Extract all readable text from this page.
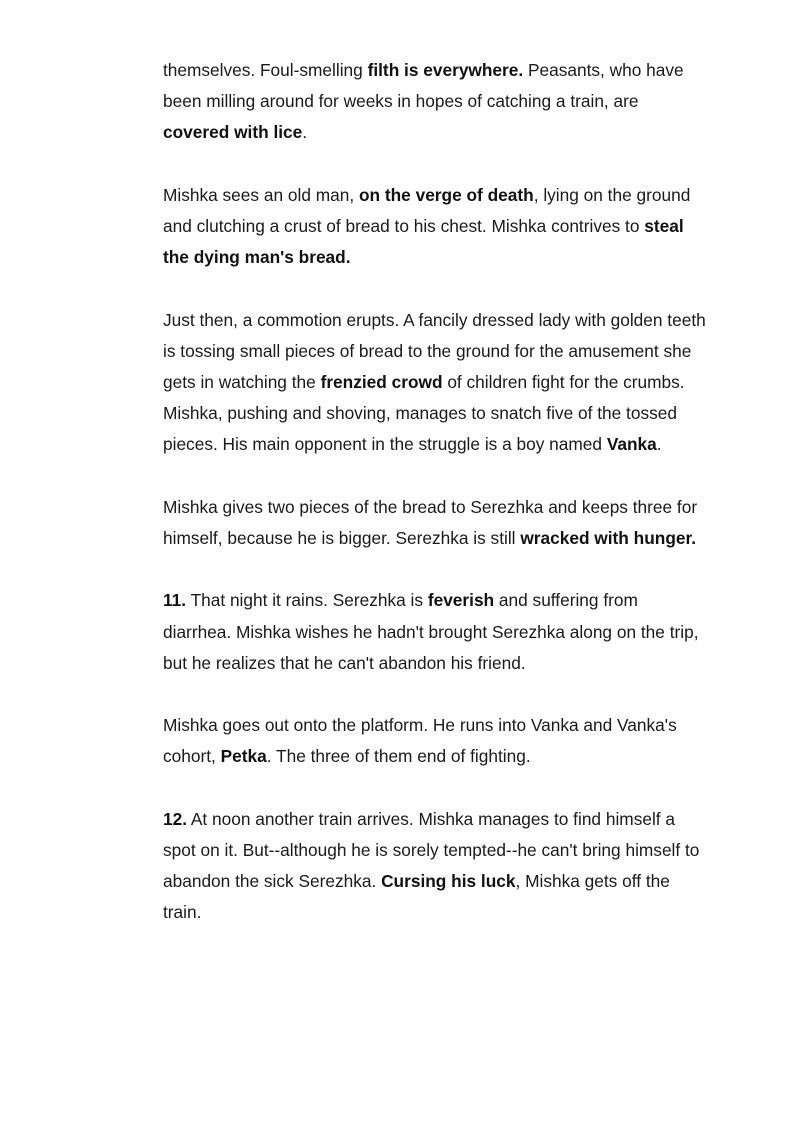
themselves. Foul-smelling filth is everywhere. Peasants, who have been milling around for weeks in hopes of catching a train, are covered with lice.

Mishka sees an old man, on the verge of death, lying on the ground and clutching a crust of bread to his chest. Mishka contrives to steal the dying man's bread.

Just then, a commotion erupts. A fancily dressed lady with golden teeth is tossing small pieces of bread to the ground for the amusement she gets in watching the frenzied crowd of children fight for the crumbs. Mishka, pushing and shoving, manages to snatch five of the tossed pieces. His main opponent in the struggle is a boy named Vanka.

Mishka gives two pieces of the bread to Serezhka and keeps three for himself, because he is bigger. Serezhka is still wracked with hunger.

11. That night it rains. Serezhka is feverish and suffering from diarrhea. Mishka wishes he hadn't brought Serezhka along on the trip, but he realizes that he can't abandon his friend.

Mishka goes out onto the platform. He runs into Vanka and Vanka's cohort, Petka. The three of them end of fighting.

12. At noon another train arrives. Mishka manages to find himself a spot on it. But--although he is sorely tempted--he can't bring himself to abandon the sick Serezhka. Cursing his luck, Mishka gets off the train.
